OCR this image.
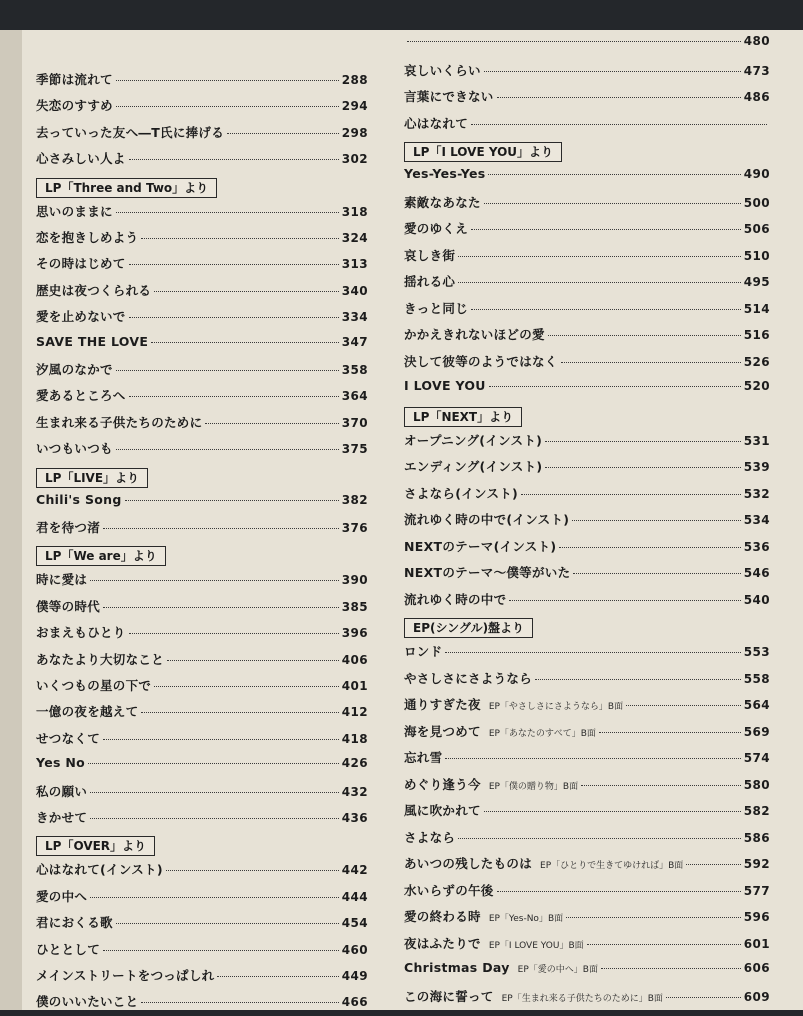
季節は流れて	288
失恋のすすめ	294
去っていった友へ―T氏に捧げる	298
心さみしい人よ	302
LP「Three and Two」より
思いのままに	318
恋を抱きしめよう	324
その時はじめて	313
歴史は夜つくられる	340
愛を止めないで	334
SAVE THE LOVE	347
汐風のなかで	358
愛あるところへ	364
生まれ来る子供たちのために	370
いつもいつも	375
LP「LIVE」より
Chili's Song	382
君を待つ渚	376
LP「We are」より
時に愛は	390
僕等の時代	385
おまえもひとり	396
あなたより大切なこと	406
いくつもの星の下で	401
一億の夜を越えて	412
せつなくて	418
Yes No	426
私の願い	432
きかせて	436
LP「OVER」より
心はなれて(インスト)	442
愛の中へ	444
君におくる歌	454
ひととして	460
メインストリートをつっぱしれ	449
僕のいいたいこと	466
480
哀しいくらい	473
言葉にできない	486
心はなれて
LP「I LOVE YOU」より
Yes-Yes-Yes	490
素敵なあなた	500
愛のゆくえ	506
哀しき街	510
揺れる心	495
きっと同じ	514
かかえきれないほどの愛	516
決して彼等のようではなく	526
I LOVE YOU	520
LP「NEXT」より
オープニング(インスト)	531
エンディング(インスト)	539
さよなら(インスト)	532
流れゆく時の中で(インスト)	534
NEXTのテーマ(インスト)	536
NEXTのテーマ〜僕等がいた	546
流れゆく時の中で	540
EP(シングル)盤より
ロンド	553
やさしさにさようなら	558
通りすぎた夜 EP「やさしさにさようなら」B面	564
海を見つめて EP「あなたのすべて」B面	569
忘れ雪	574
めぐり逢う今 EP「僕の贈り物」B面	580
風に吹かれて	582
さよなら	586
あいつの残したものは EP「ひとりで生きてゆければ」B面	592
水いらずの午後	577
愛の終わる時 EP「Yes-No」B面	596
夜はふたりで EP「I LOVE YOU」B面	601
Christmas Day EP「愛の中へ」B面	606
この海に誓って EP「生まれ来る子供たちのために」B面	609
